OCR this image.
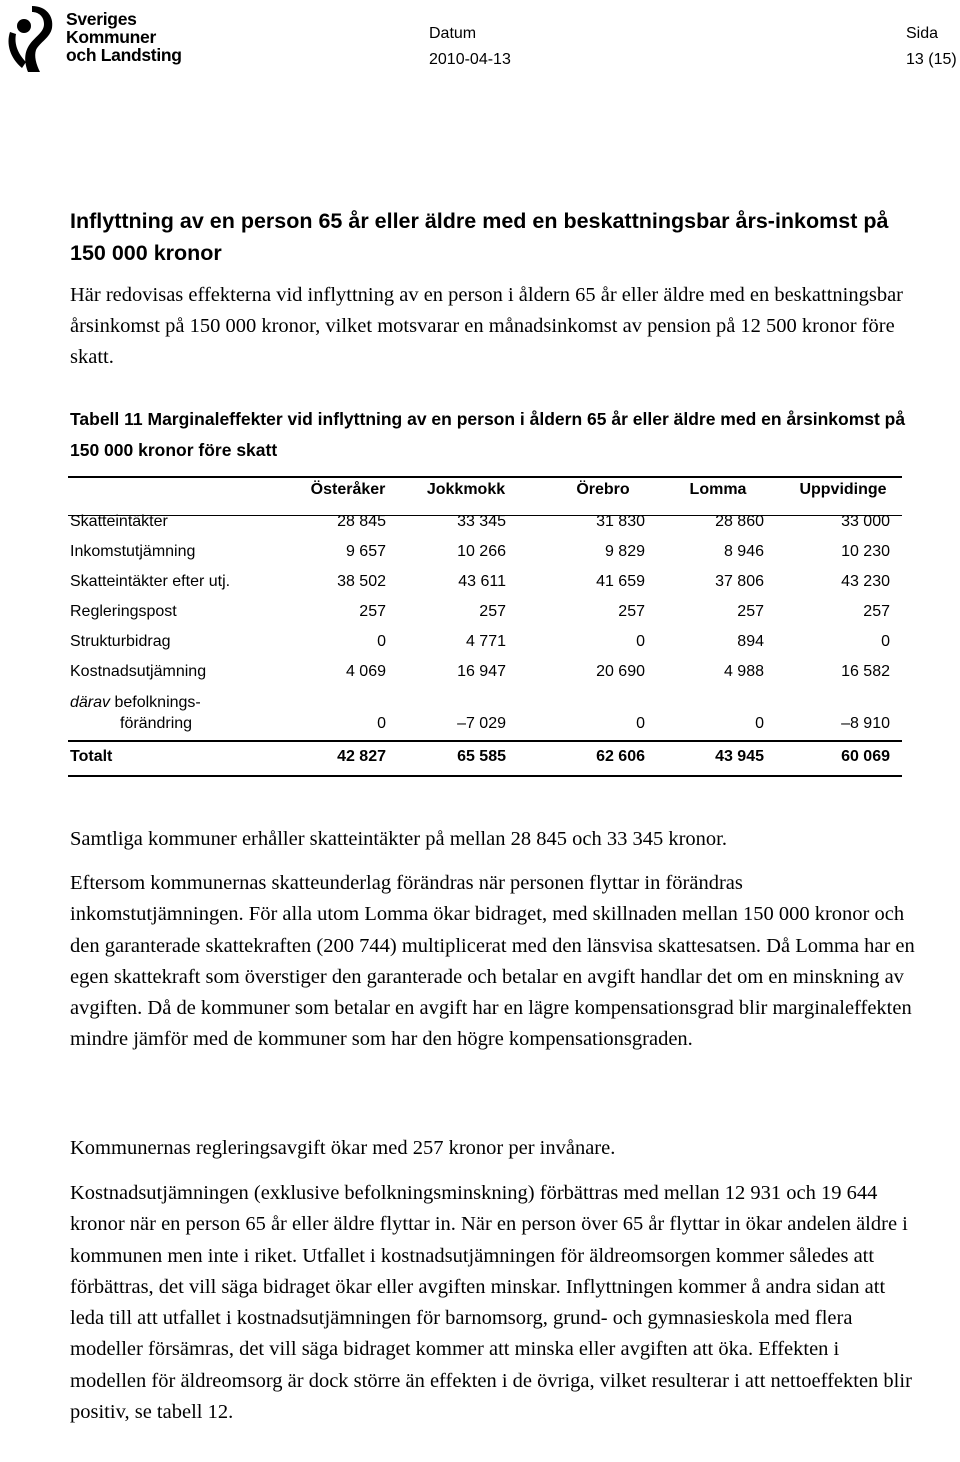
Sveriges
Kommuner
och Landsting
Datum
2010-04-13
Sida
13 (15)
Inflyttning av en person 65 år eller äldre med en beskattningsbar års-inkomst på 150 000 kronor
Här redovisas effekterna vid inflyttning av en person i åldern 65 år eller äldre med en beskattningsbar årsinkomst på 150 000 kronor, vilket motsvarar en månadsinkomst av pension på 12 500 kronor före skatt.
Tabell 11 Marginaleffekter vid inflyttning av en person i åldern 65 år eller äldre med en årsinkomst på 150 000 kronor före skatt
Österåker	Jokkmokk	Örebro	Lomma	Uppvidinge
Skatteintäkter	28 845	33 345	31 830	28 860	33 000
Inkomstutjämning	9 657	10 266	9 829	8 946	10 230
Skatteintäkter efter utj.	38 502	43 611	41 659	37 806	43 230
Regleringspost	257	257	257	257	257
Strukturbidrag	0	4 771	0	894	0
Kostnadsutjämning	4 069	16 947	20 690	4 988	16 582
därav befolknings-
förändring	0	–7 029	0	0	–8 910
Totalt	42 827	65 585	62 606	43 945	60 069
Samtliga kommuner erhåller skatteintäkter på mellan 28 845 och 33 345 kronor.
Eftersom kommunernas skatteunderlag förändras när personen flyttar in förändras inkomstutjämningen. För alla utom Lomma ökar bidraget, med skillnaden mellan 150 000 kronor och den garanterade skattekraften (200 744) multiplicerat med den länsvisa skattesatsen. Då Lomma har en egen skattekraft som överstiger den garanterade och betalar en avgift handlar det om en minskning av avgiften. Då de kommuner som betalar en avgift har en lägre kompensationsgrad blir marginaleffekten mindre jämför med de kommuner som har den högre kompensationsgraden.
Kommunernas regleringsavgift ökar med 257 kronor per invånare.
Kostnadsutjämningen (exklusive befolkningsminskning) förbättras med mellan 12 931 och 19 644 kronor när en person 65 år eller äldre flyttar in. När en person över 65 år flyttar in ökar andelen äldre i kommunen men inte i riket. Utfallet i kostnadsutjämningen för äldreomsorgen kommer således att förbättras, det vill säga bidraget ökar eller avgiften minskar. Inflyttningen kommer å andra sidan att leda till att utfallet i kostnadsutjämningen för barnomsorg, grund- och gymnasieskola med flera modeller försämras, det vill säga bidraget kommer att minska eller avgiften att öka. Effekten i modellen för äldreomsorg är dock större än effekten i de övriga, vilket resulterar i att nettoeffekten blir positiv, se tabell 12.
